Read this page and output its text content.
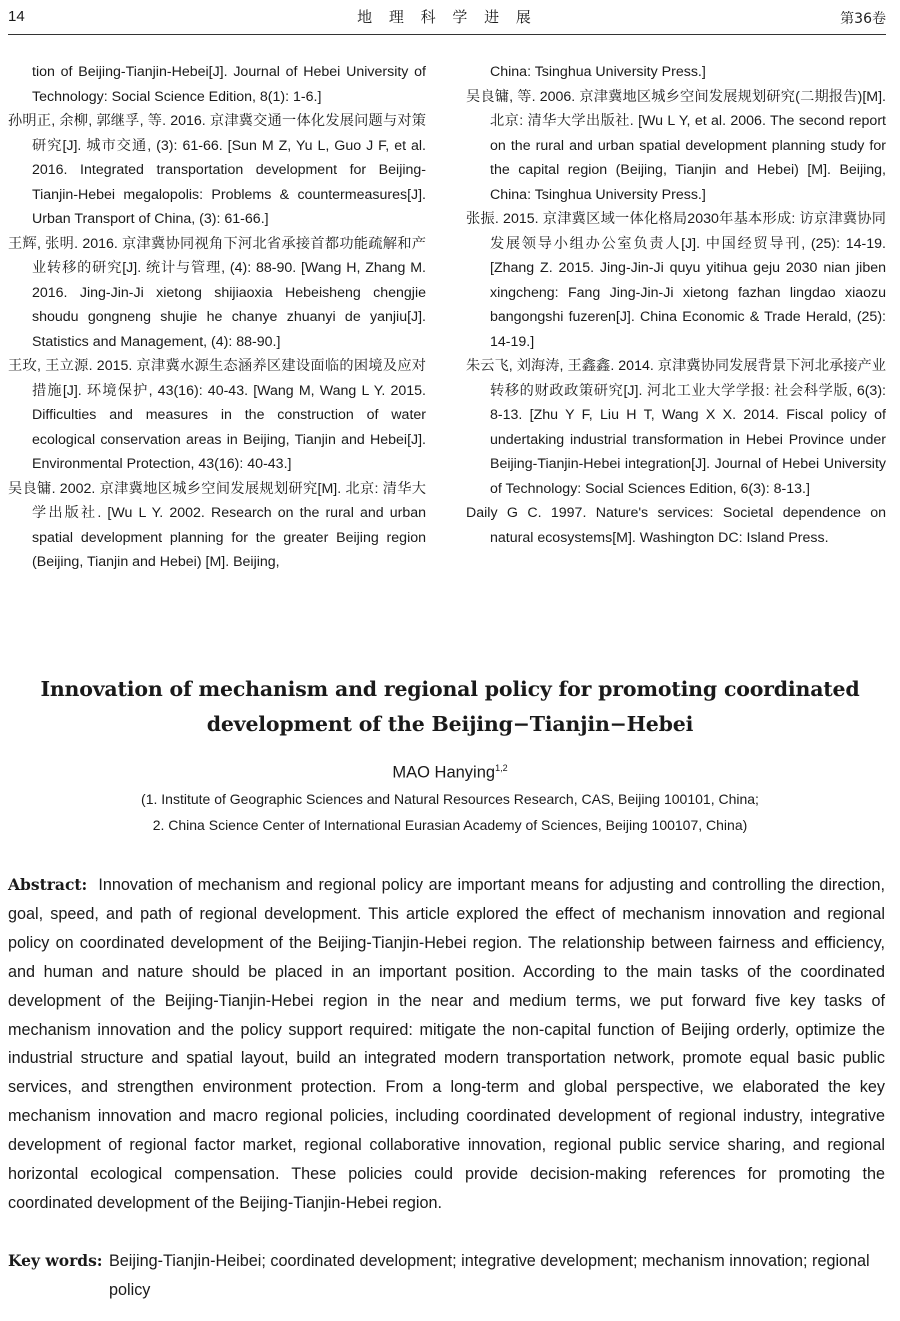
14	地 理 科 学 进 展	第36卷

tion of Beijing-Tianjin-Hebei[J]. Journal of Hebei University of Technology: Social Science Edition, 8(1): 1-6.]

孙明正, 余柳, 郭继孚, 等. 2016. 京津冀交通一体化发展问题与对策研究[J]. 城市交通, (3): 61-66. [Sun M Z, Yu L, Guo J F, et al. 2016. Integrated transportation development for Beijing-Tianjin-Hebei megalopolis: Problems & countermeasures[J]. Urban Transport of China, (3): 61-66.]

王辉, 张明. 2016. 京津冀协同视角下河北省承接首都功能疏解和产业转移的研究[J]. 统计与管理, (4): 88-90. [Wang H, Zhang M. 2016. Jing-Jin-Ji xietong shijiaoxia Hebeisheng chengjie shoudu gongneng shujie he chanye zhuanyi de yanjiu[J]. Statistics and Management, (4): 88-90.]

王玫, 王立源. 2015. 京津冀水源生态涵养区建设面临的困境及应对措施[J]. 环境保护, 43(16): 40-43. [Wang M, Wang L Y. 2015. Difficulties and measures in the construction of water ecological conservation areas in Beijing, Tianjin and Hebei[J]. Environmental Protection, 43(16): 40-43.]

吴良镛. 2002. 京津冀地区城乡空间发展规划研究[M]. 北京: 清华大学出版社. [Wu L Y. 2002. Research on the rural and urban spatial development planning for the greater Beijing region (Beijing, Tianjin and Hebei) [M]. Beijing,

China: Tsinghua University Press.]

吴良镛, 等. 2006. 京津冀地区城乡空间发展规划研究(二期报告)[M]. 北京: 清华大学出版社. [Wu L Y, et al. 2006. The second report on the rural and urban spatial development planning study for the capital region (Beijing, Tianjin and Hebei) [M]. Beijing, China: Tsinghua University Press.]

张振. 2015. 京津冀区域一体化格局2030年基本形成: 访京津冀协同发展领导小组办公室负责人[J]. 中国经贸导刊, (25): 14-19. [Zhang Z. 2015. Jing-Jin-Ji quyu yitihua geju 2030 nian jiben xingcheng: Fang Jing-Jin-Ji xietong fazhan lingdao xiaozu bangongshi fuzeren[J]. China Economic & Trade Herald, (25): 14-19.]

朱云飞, 刘海涛, 王鑫鑫. 2014. 京津冀协同发展背景下河北承接产业转移的财政政策研究[J]. 河北工业大学学报: 社会科学版, 6(3): 8-13. [Zhu Y F, Liu H T, Wang X X. 2014. Fiscal policy of undertaking industrial transformation in Hebei Province under Beijing-Tianjin-Hebei integration[J]. Journal of Hebei University of Technology: Social Sciences Edition, 6(3): 8-13.]

Daily G C. 1997. Nature's services: Societal dependence on natural ecosystems[M]. Washington DC: Island Press.

Innovation of mechanism and regional policy for promoting coordinated
development of the Beijing−Tianjin−Hebei
MAO Hanying$^{1,2}$
(1. Institute of Geographic Sciences and Natural Resources Research, CAS, Beijing 100101, China;
2. China Science Center of International Eurasian Academy of Sciences, Beijing 100107, China)

Abstract: Innovation of mechanism and regional policy are important means for adjusting and controlling the direction, goal, speed, and path of regional development. This article explored the effect of mechanism innovation and regional policy on coordinated development of the Beijing-Tianjin-Hebei region. The relationship between fairness and efficiency, and human and nature should be placed in an important position. According to the main tasks of the coordinated development of the Beijing-Tianjin-Hebei region in the near and medium terms, we put forward five key tasks of mechanism innovation and the policy support required: mitigate the non-capital function of Beijing orderly, optimize the industrial structure and spatial layout, build an integrated modern transportation network, promote equal basic public services, and strengthen environment protection. From a long-term and global perspective, we elaborated the key mechanism innovation and macro regional policies, including coordinated development of regional industry, integrative development of regional factor market, regional collaborative innovation, regional public service sharing, and regional horizontal ecological compensation. These policies could provide decision-making references for promoting the coordinated development of the Beijing-Tianjin-Hebei region.

Key words: Beijing-Tianjin-Heibei; coordinated development; integrative development; mechanism innovation; regional policy
